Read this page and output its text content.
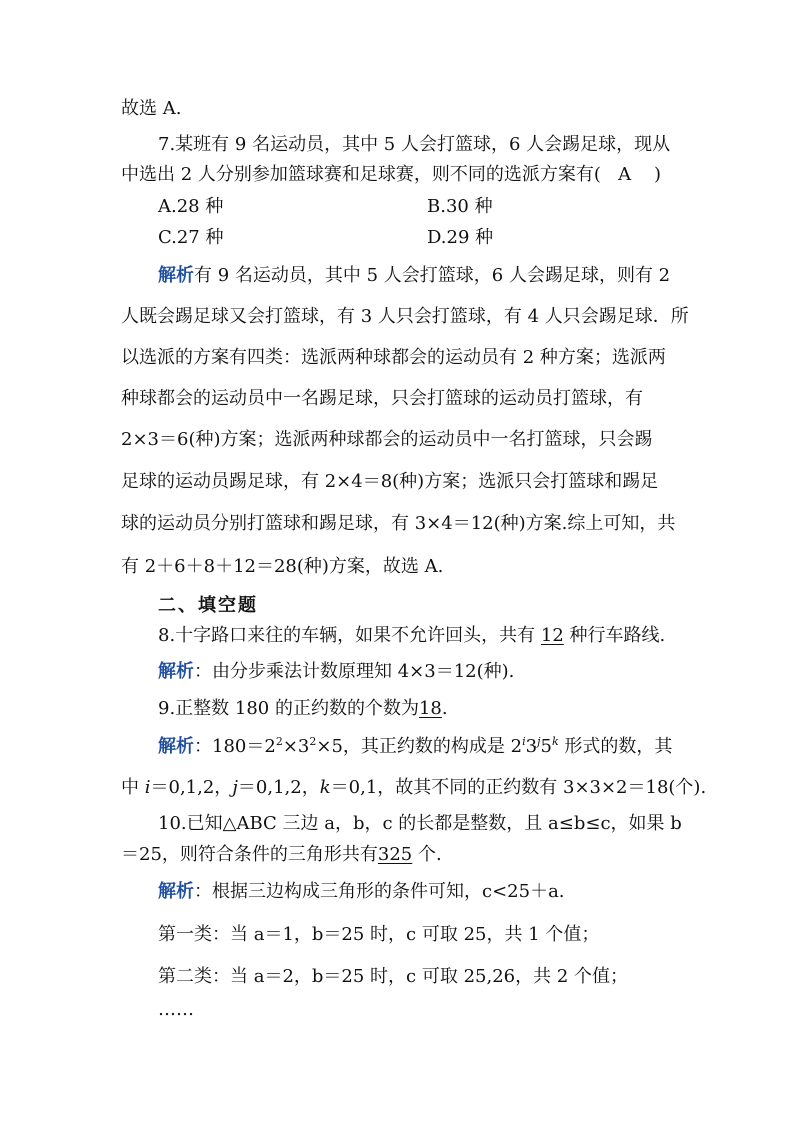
故选 A.
7.某班有 9 名运动员，其中 5 人会打篮球，6 人会踢足球，现从
中选出 2 人分别参加篮球赛和足球赛，则不同的选派方案有( A )
A.28 种	B.30 种
C.27 种	D.29 种
解析有 9 名运动员，其中 5 人会打篮球，6 人会踢足球，则有 2
人既会踢足球又会打篮球，有 3 人只会打篮球，有 4 人只会踢足球．所
以选派的方案有四类：选派两种球都会的运动员有 2 种方案；选派两
种球都会的运动员中一名踢足球，只会打篮球的运动员打篮球，有
2×3＝6(种)方案；选派两种球都会的运动员中一名打篮球，只会踢
足球的运动员踢足球，有 2×4＝8(种)方案；选派只会打篮球和踢足
球的运动员分别打篮球和踢足球，有 3×4＝12(种)方案.综上可知，共
有 2＋6＋8＋12＝28(种)方案，故选 A.
二、填空题
8.十字路口来往的车辆，如果不允许回头，共有 12 种行车路线.
解析：由分步乘法计数原理知 4×3＝12(种).
9.正整数 180 的正约数的个数为18.
解析：$180=2^2\times 3^2\times 5$，其正约数的构成是 2$^i$3$^j$5$^k$ 形式的数，其
中 i＝0,1,2，j＝0,1,2，k＝0,1，故其不同的正约数有 3×3×2＝18(个).
10.已知△ABC 三边 a，b，c 的长都是整数，且 a≤b≤c，如果 b
＝25，则符合条件的三角形共有325 个.
解析：根据三边构成三角形的条件可知，c<25＋a.
第一类：当 a＝1，b＝25 时，c 可取 25，共 1 个值；
第二类：当 a＝2，b＝25 时，c 可取 25,26，共 2 个值；
……
